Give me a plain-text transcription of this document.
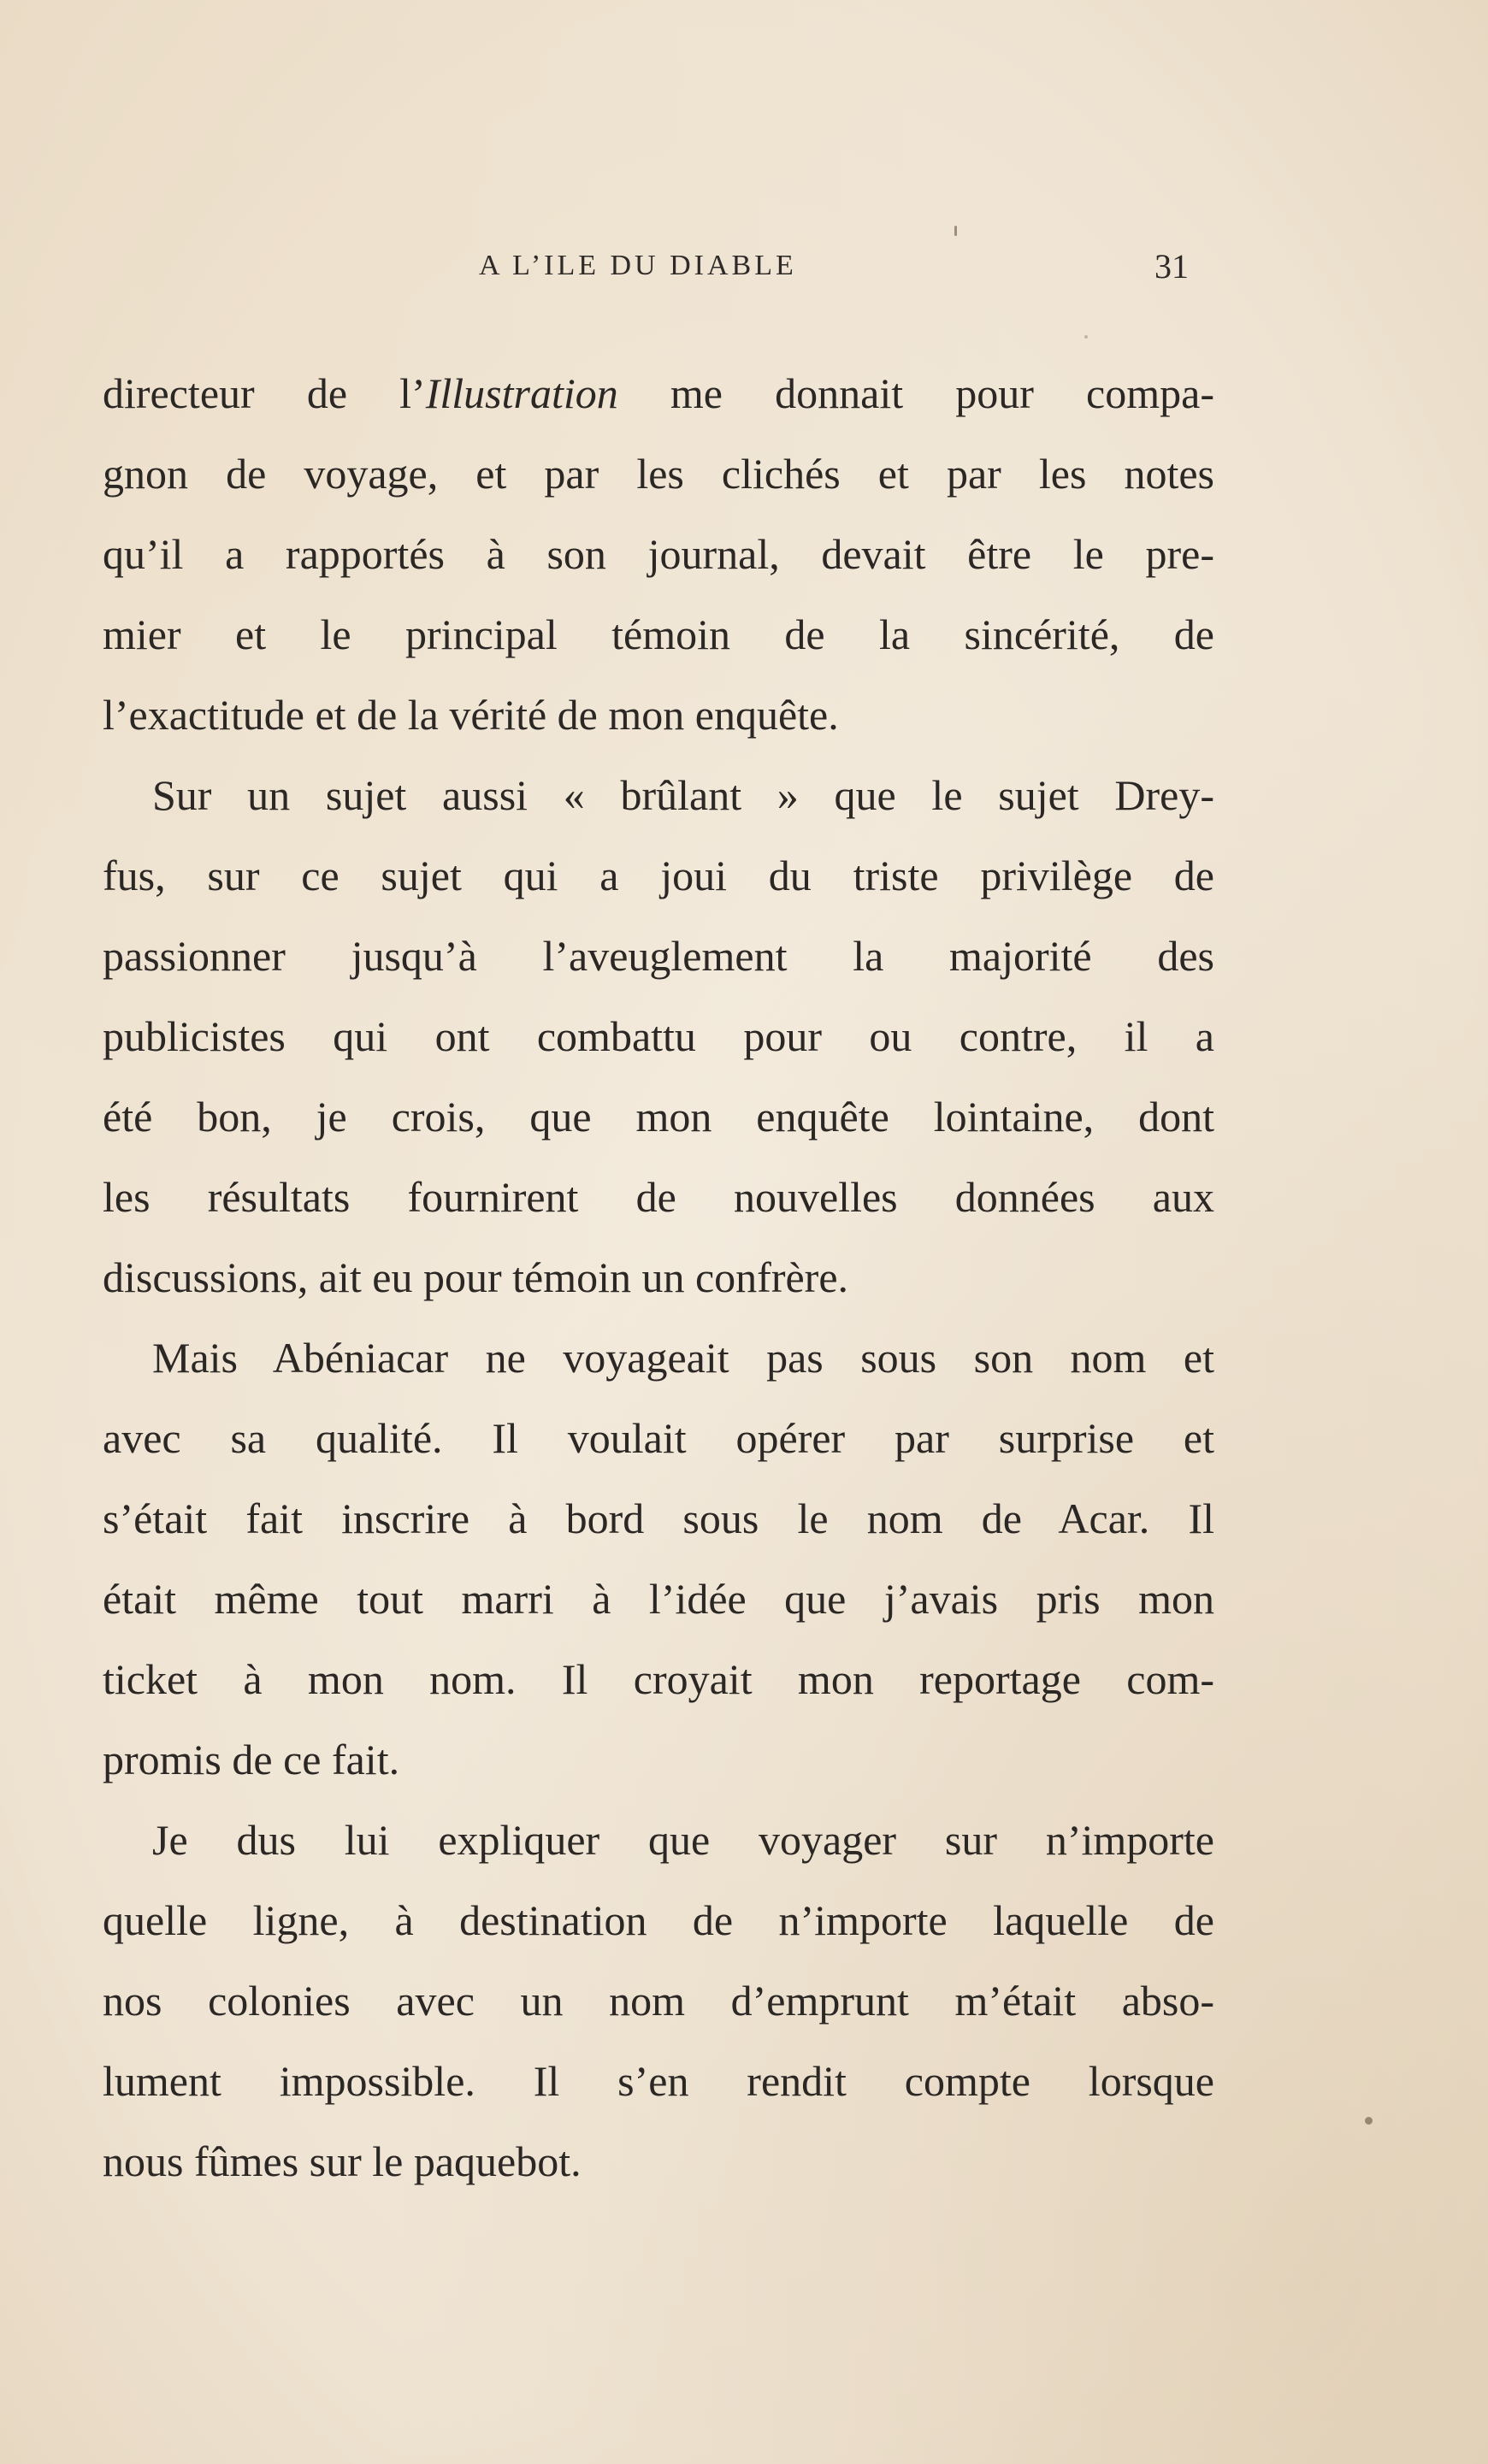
A L’ILE DU DIABLE	31
directeur de l’Illustration me donnait pour compa-
gnon de voyage, et par les clichés et par les notes
qu’il a rapportés à son journal, devait être le pre-
mier et le principal témoin de la sincérité, de
l’exactitude et de la vérité de mon enquête.
Sur un sujet aussi « brûlant » que le sujet Drey-
fus, sur ce sujet qui a joui du triste privilège de
passionner jusqu’à l’aveuglement la majorité des
publicistes qui ont combattu pour ou contre, il a
été bon, je crois, que mon enquête lointaine, dont
les résultats fournirent de nouvelles données aux
discussions, ait eu pour témoin un confrère.
Mais Abéniacar ne voyageait pas sous son nom et
avec sa qualité. Il voulait opérer par surprise et
s’était fait inscrire à bord sous le nom de Acar. Il
était même tout marri à l’idée que j’avais pris mon
ticket à mon nom. Il croyait mon reportage com-
promis de ce fait.
Je dus lui expliquer que voyager sur n’importe
quelle ligne, à destination de n’importe laquelle de
nos colonies avec un nom d’emprunt m’était abso-
lument impossible. Il s’en rendit compte lorsque
nous fûmes sur le paquebot.
